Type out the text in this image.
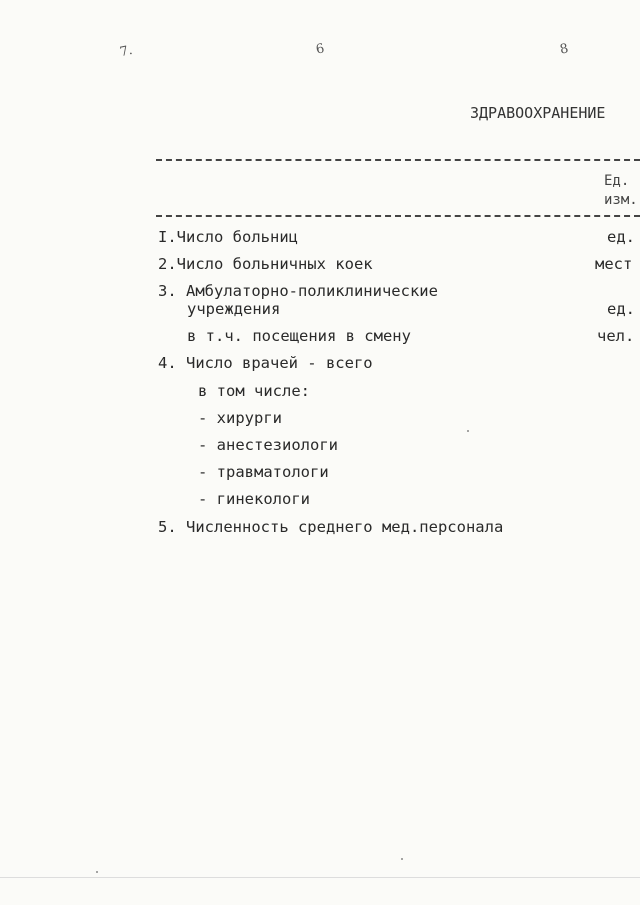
7.	6	8
ЗДРАВООХРАНЕНИЕ
Ед.
изм.
I.Число больниц	ед.
2.Число больничных коек	мест
3. Амбулаторно-поликлинические
учреждения	ед.
в т.ч. посещения в смену	чел.
4. Число врачей - всего
в том числе:
- хирурги
- анестезиологи
- травматологи
- гинекологи
5. Численность среднего мед.персонала
